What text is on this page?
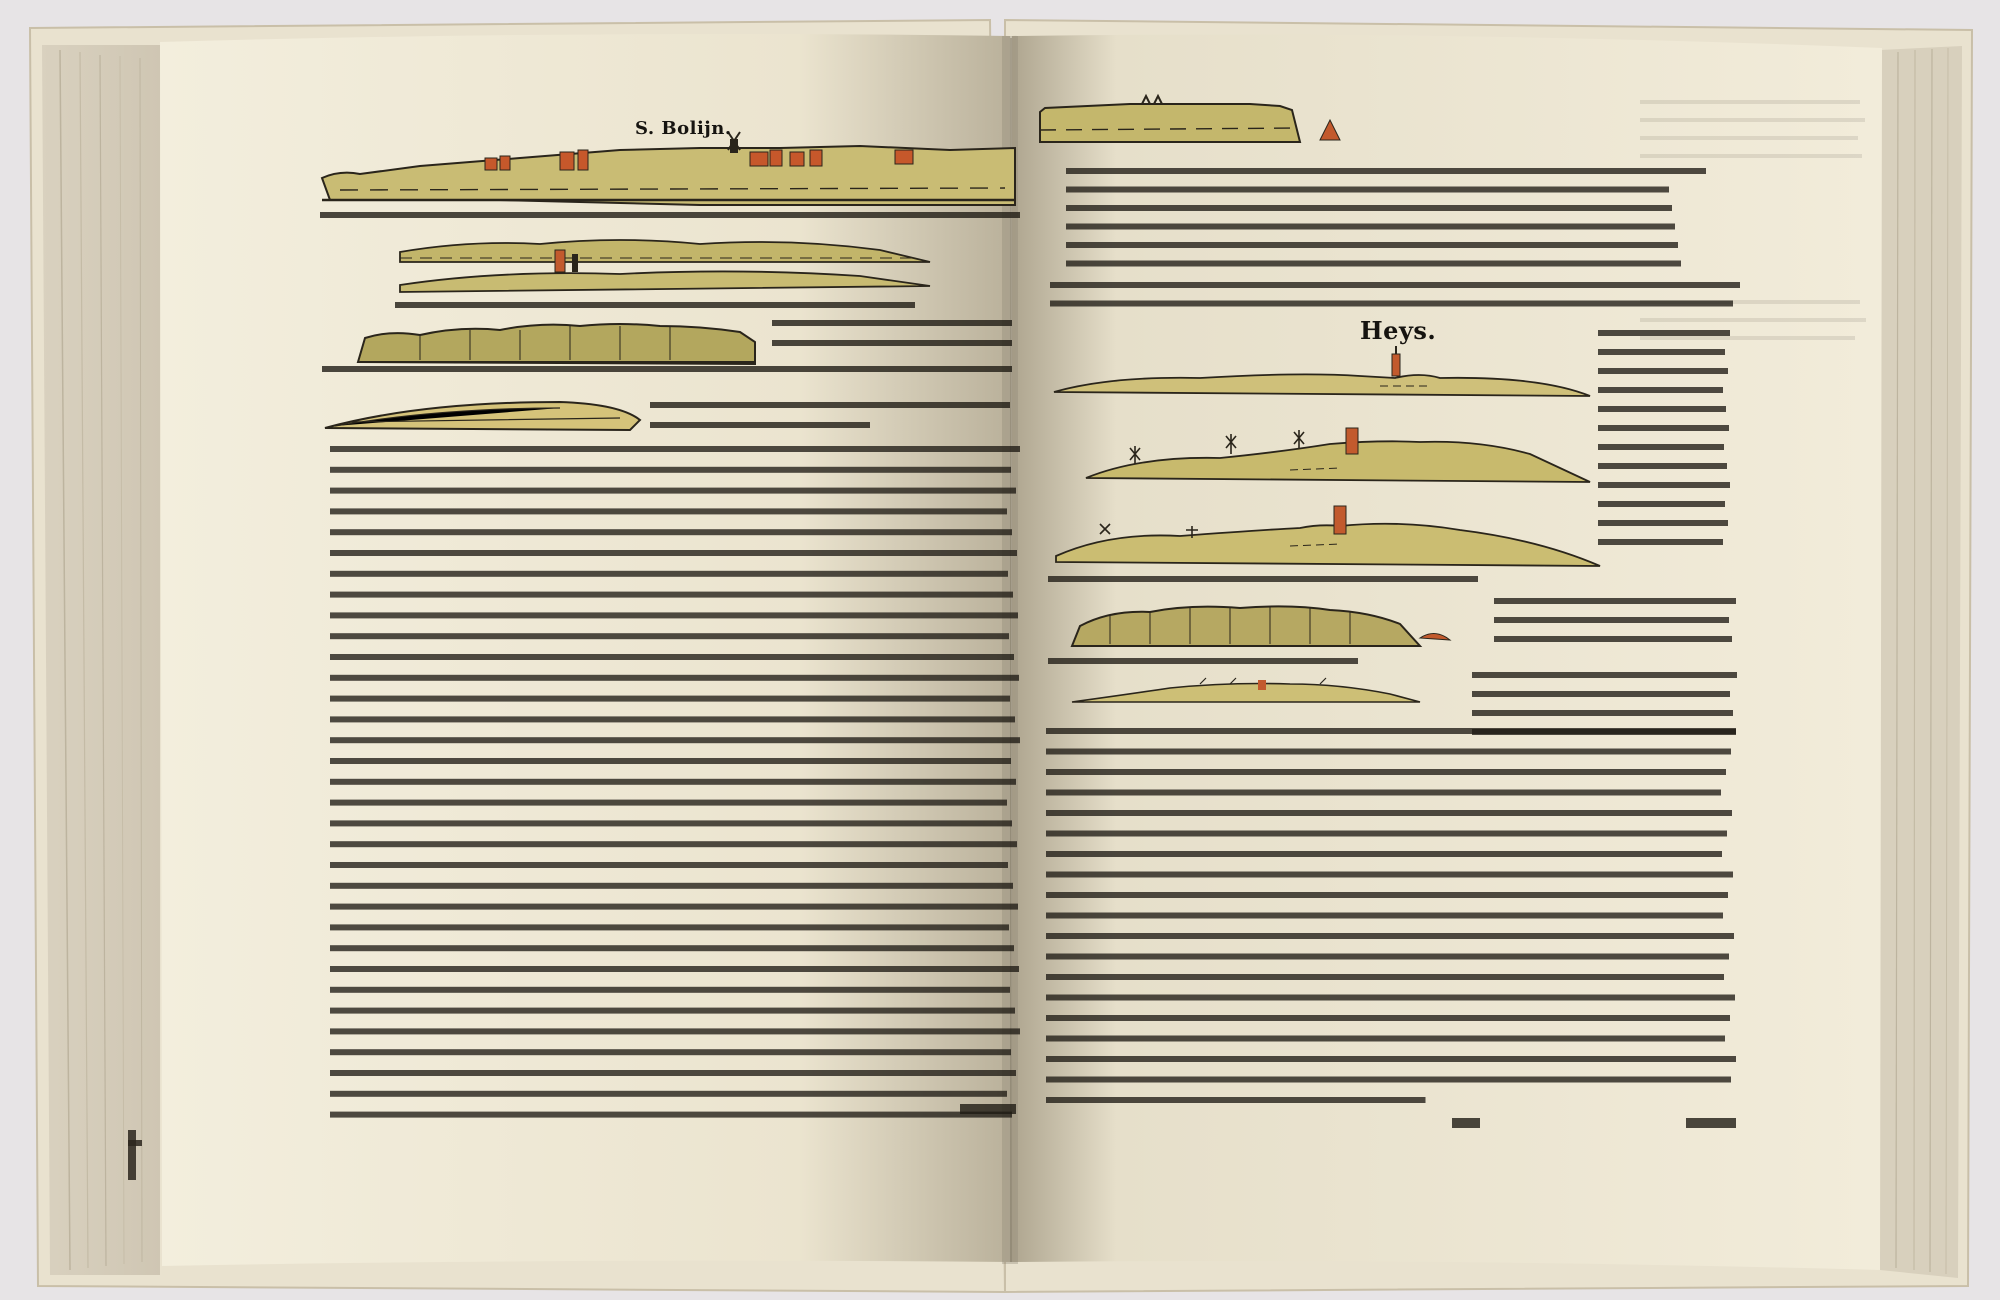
S. Bolijn.
Heys.
